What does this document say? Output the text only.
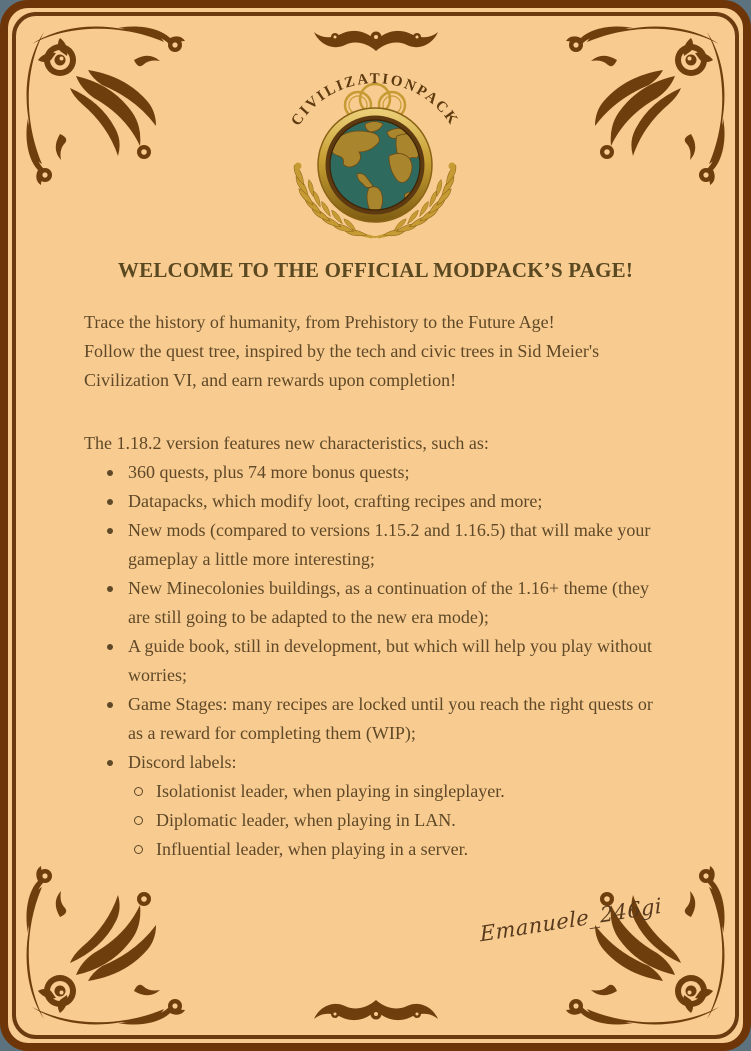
CIVILIZATIONPACK
WELCOME TO THE OFFICIAL MODPACK’S PAGE!
Trace the history of humanity, from Prehistory to the Future Age!
Follow the quest tree, inspired by the tech and civic trees in Sid Meier's
Civilization VI, and earn rewards upon completion!
The 1.18.2 version features new characteristics, such as:
360 quests, plus 74 more bonus quests;
Datapacks, which modify loot, crafting recipes and more;
New mods (compared to versions 1.15.2 and 1.16.5) that will make your gameplay a little more interesting;
New Minecolonies buildings, as a continuation of the 1.16+ theme (they are still going to be adapted to the new era mode);
A guide book, still in development, but which will help you play without worries;
Game Stages: many recipes are locked until you reach the right quests or as a reward for completing them (WIP);
Discord labels:
Isolationist leader, when playing in singleplayer.
Diplomatic leader, when playing in LAN.
Influential leader, when playing in a server.
Emanuele_246gi
